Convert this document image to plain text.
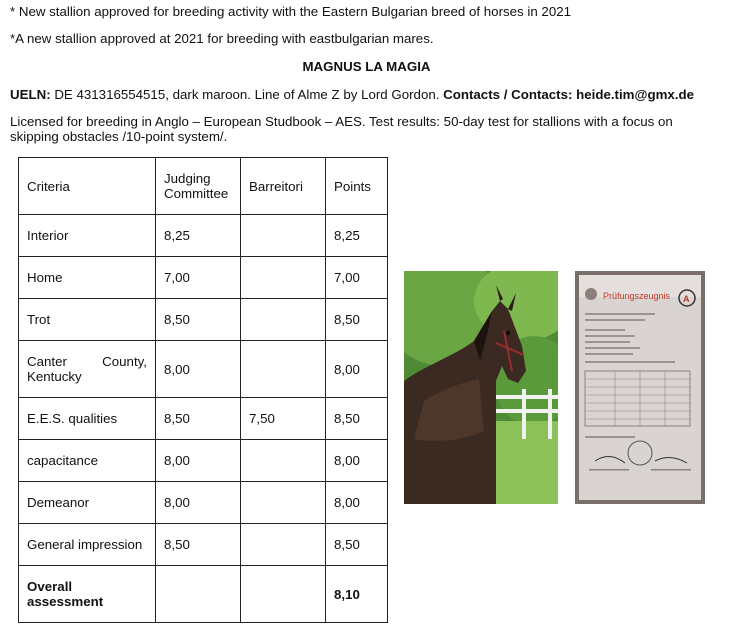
* New stallion approved for breeding activity with the Eastern Bulgarian breed of horses in 2021
*A new stallion approved at 2021 for breeding with eastbulgarian mares.
MAGNUS LA MAGIA
UELN: DE 431316554515, dark maroon. Line of Alme Z by Lord Gordon. Contacts / Contacts: heide.tim@gmx.de
Licensed for breeding in Anglo – European Studbook – AES. Test results: 50-day test for stallions with a focus on skipping obstacles /10-point system/.
Criteria	Judging Committee	Barreitori	Points
Interior	8,25		8,25
Home	7,00		7,00
Trot	8,50		8,50
Canter County, Kentucky	8,00		8,00
E.E.S. qualities	8,50	7,50	8,50
capacitance	8,00		8,00
Demeanor	8,00		8,00
General impression	8,50		8,50
Overall assessment			8,10
Prüfungszeugnis A
